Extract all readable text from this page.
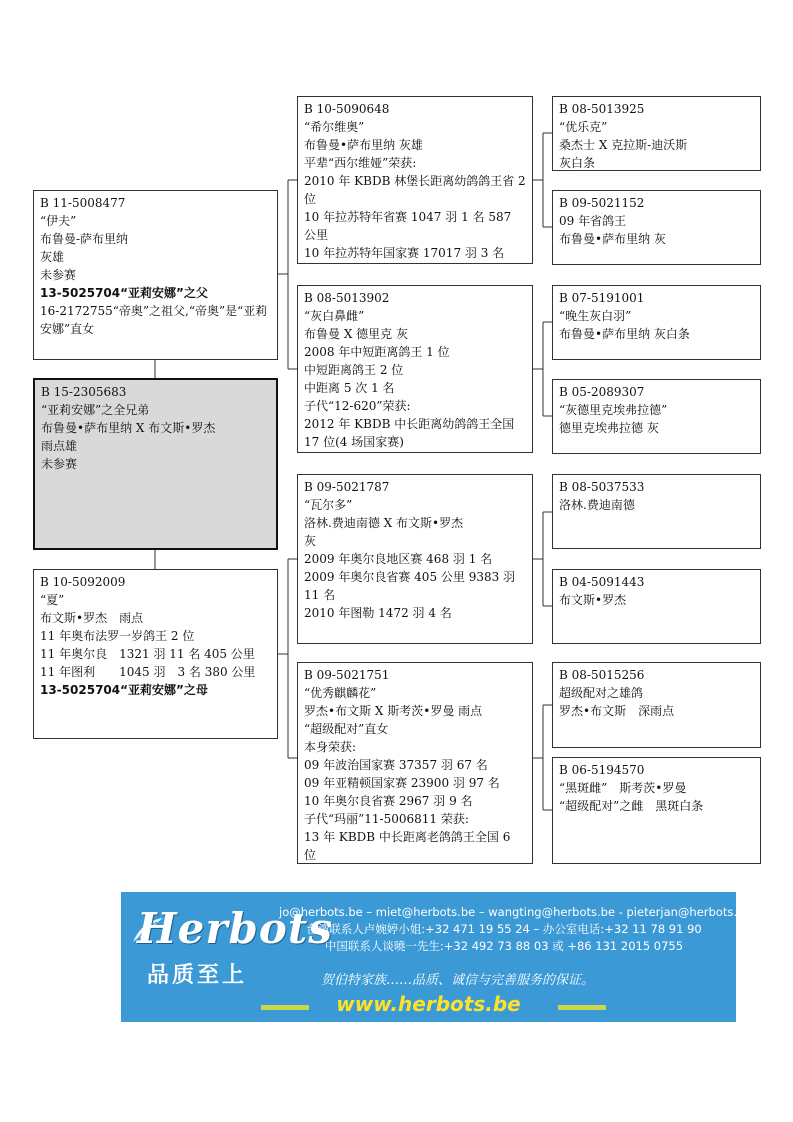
B 11-5008477
“伊夫”
布鲁曼-萨布里纳
灰雄
未参赛
13-5025704“亚莉安娜”之父
16-2172755“帝奥”之祖父,“帝奥”是“亚莉安娜”直女
B 15-2305683
“亚莉安娜”之全兄弟
布鲁曼•萨布里纳 X 布文斯•罗杰
雨点雄
未参赛
B 10-5092009
“夏”
布文斯•罗杰　雨点
11 年奥布法罗一岁鸽王 2 位
11 年奥尔良　1321 羽 11 名 405 公里
11 年图利　　1045 羽　3 名 380 公里
13-5025704“亚莉安娜”之母
B 10-5090648
“希尔维奥”
布鲁曼•萨布里纳 灰雄
平辈“西尔维娅”荣获:
2010 年 KBDB 林堡长距离幼鸽鸽王省 2 位
10 年拉苏特年省赛 1047 羽 1 名 587 公里
10 年拉苏特年国家赛 17017 羽 3 名
B 08-5013902
“灰白鼻雌”
布鲁曼 X 德里克 灰
2008 年中短距离鸽王 1 位
中短距离鸽王 2 位
中距离 5 次 1 名
子代“12-620”荣获:
2012 年 KBDB 中长距离幼鸽鸽王全国 17 位(4 场国家赛)
B 09-5021787
“瓦尔多”
洛林.费迪南德 X 布文斯•罗杰
灰
2009 年奥尔良地区赛 468 羽 1 名
2009 年奥尔良省赛 405 公里 9383 羽 11 名
2010 年图勒 1472 羽 4 名
B 09-5021751
“优秀麒麟花”
罗杰•布文斯 X 斯考茨•罗曼 雨点
“超级配对”直女
本身荣获:
09 年波治国家赛 37357 羽 67 名
09 年亚精顿国家赛 23900 羽 97 名
10 年奥尔良省赛 2967 羽 9 名
子代“玛丽”11-5006811 荣获:
13 年 KBDB 中长距离老鸽鸽王全国 6 位
B 08-5013925
“优乐克”
桑杰士 X 克拉斯-迪沃斯
灰白条
B 09-5021152
09 年省鸽王
布鲁曼•萨布里纳 灰
B 07-5191001
“晚生灰白羽”
布鲁曼•萨布里纳 灰白条
B 05-2089307
“灰德里克埃弗拉德”
德里克埃弗拉德 灰
B 08-5037533
洛林.费迪南德
B 04-5091443
布文斯•罗杰
B 08-5015256
超级配对之雄鸽
罗杰•布文斯　深雨点
B 06-5194570
“黑斑雌”　斯考茨•罗曼
“超级配对”之雌　黑斑白条
Herbots
品质至上
jo@herbots.be – miet@herbots.be – wangting@herbots.be - pieterjan@herbots.be
台湾联系人卢婉婷小姐:+32 471 19 55 24 – 办公室电话:+32 11 78 91 90
中国联系人谈曉一先生:+32 492 73 88 03 或 +86 131 2015 0755
贺伯特家族……品质、诚信与完善服务的保证。
www.herbots.be
